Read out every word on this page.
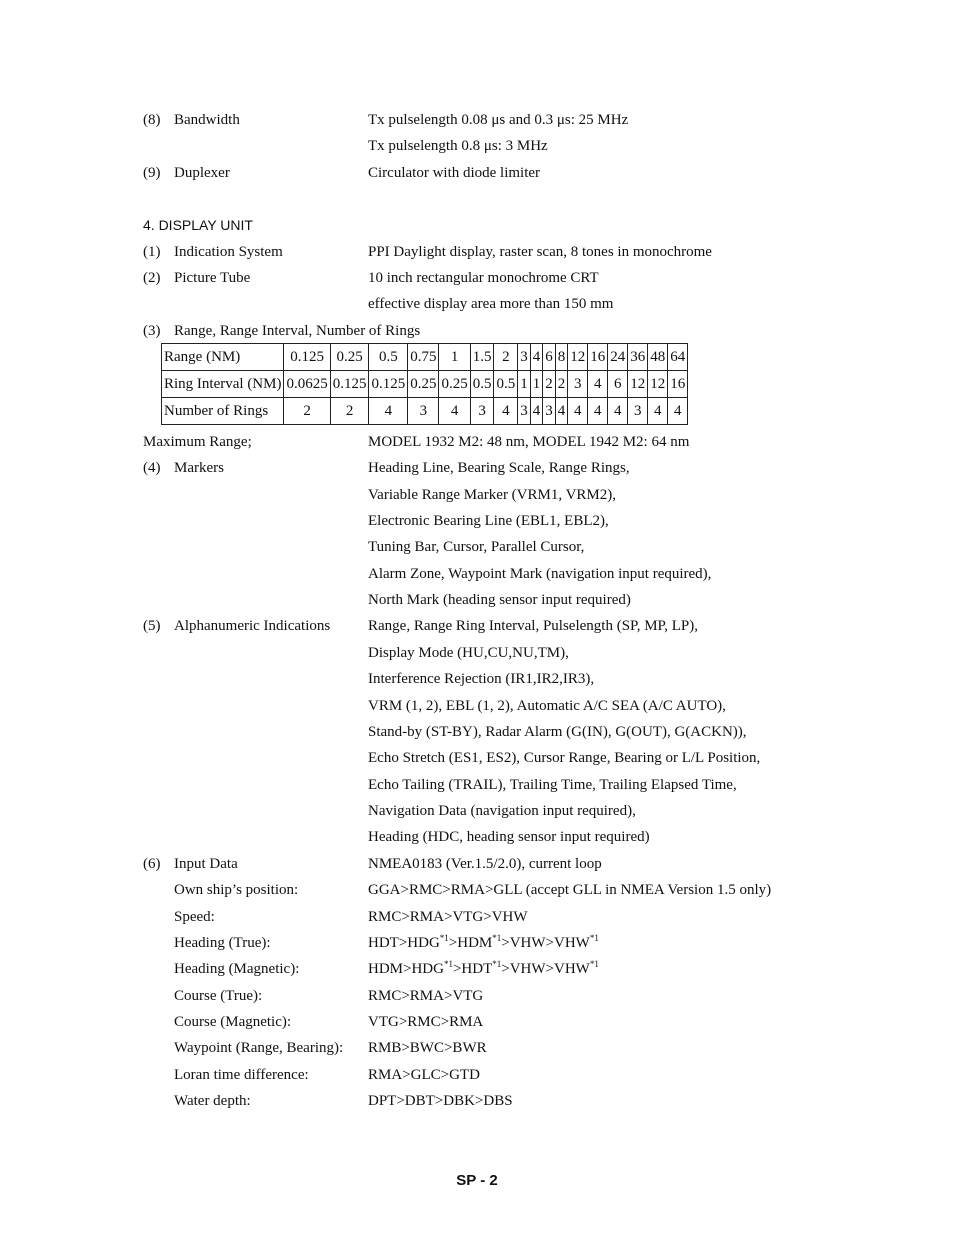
(8) Bandwidth	Tx pulselength 0.08 μs and 0.3 μs: 25 MHz
Tx pulselength 0.8 μs: 3 MHz
(9) Duplexer	Circulator with diode limiter
4. DISPLAY UNIT
(1) Indication System	PPI Daylight display, raster scan, 8 tones in monochrome
(2) Picture Tube	10 inch rectangular monochrome CRT
effective display area more than 150 mm
(3) Range, Range Interval, Number of Rings
Range (NM)	0.125	0.25	0.5	0.75	1	1.5	2	3	4	6	8	12	16	24	36	48	64
Ring Interval (NM)	0.0625	0.125	0.125	0.25	0.25	0.5	0.5	1	1	2	2	3	4	6	12	12	16
Number of Rings	2	2	4	3	4	3	4	3	4	3	4	4	4	4	3	4	4
Maximum Range;	MODEL 1932 M2: 48 nm, MODEL 1942 M2: 64 nm
(4) Markers	Heading Line, Bearing Scale, Range Rings,
Variable Range Marker (VRM1, VRM2),
Electronic Bearing Line (EBL1, EBL2),
Tuning Bar, Cursor, Parallel Cursor,
Alarm Zone, Waypoint Mark (navigation input required),
North Mark (heading sensor input required)
(5) Alphanumeric Indications	Range, Range Ring Interval, Pulselength (SP, MP, LP),
Display Mode (HU,CU,NU,TM),
Interference Rejection (IR1,IR2,IR3),
VRM (1, 2), EBL (1, 2), Automatic A/C SEA (A/C AUTO),
Stand-by (ST-BY), Radar Alarm (G(IN), G(OUT), G(ACKN)),
Echo Stretch (ES1, ES2), Cursor Range, Bearing or L/L Position,
Echo Tailing (TRAIL), Trailing Time, Trailing Elapsed Time,
Navigation Data (navigation input required),
Heading (HDC, heading sensor input required)
(6) Input Data	NMEA0183 (Ver.1.5/2.0), current loop
Own ship’s position:	GGA>RMC>RMA>GLL (accept GLL in NMEA Version 1.5 only)
Speed:	RMC>RMA>VTG>VHW
Heading (True):	$HDT>HDG^{*1}>HDM^{*1}>VHW>VHW^{*1}$
Heading (Magnetic):	$HDM>HDG^{*1}>HDT^{*1}>VHW>VHW^{*1}$
Course (True):	RMC>RMA>VTG
Course (Magnetic):	VTG>RMC>RMA
Waypoint (Range, Bearing): RMB>BWC>BWR
Loran time difference:	RMA>GLC>GTD
Water depth:	DPT>DBT>DBK>DBS
SP - 2
